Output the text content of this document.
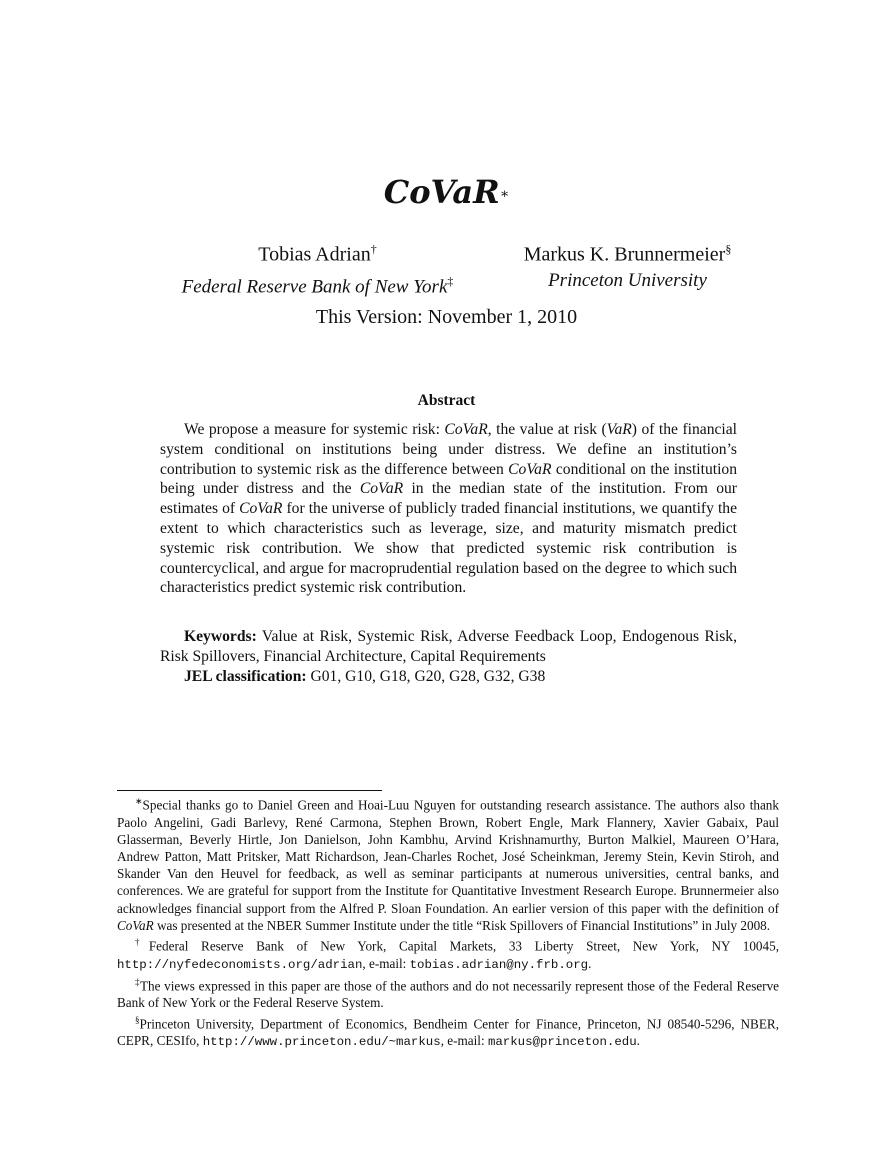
CoVaR∗
Tobias Adrian†
Federal Reserve Bank of New York‡
Markus K. Brunnermeier§
Princeton University
This Version: November 1, 2010
Abstract
We propose a measure for systemic risk: CoVaR, the value at risk (VaR) of the financial system conditional on institutions being under distress. We define an institution’s contribution to systemic risk as the difference between CoVaR conditional on the institution being under distress and the CoVaR in the median state of the institution. From our estimates of CoVaR for the universe of publicly traded financial institutions, we quantify the extent to which characteristics such as leverage, size, and maturity mismatch predict systemic risk contribution. We show that predicted systemic risk contribution is countercyclical, and argue for macroprudential regulation based on the degree to which such characteristics predict systemic risk contribution.
Keywords: Value at Risk, Systemic Risk, Adverse Feedback Loop, Endogenous Risk, Risk Spillovers, Financial Architecture, Capital Requirements
JEL classification: G01, G10, G18, G20, G28, G32, G38

∗Special thanks go to Daniel Green and Hoai-Luu Nguyen for outstanding research assistance. The authors also thank Paolo Angelini, Gadi Barlevy, René Carmona, Stephen Brown, Robert Engle, Mark Flannery, Xavier Gabaix, Paul Glasserman, Beverly Hirtle, Jon Danielson, John Kambhu, Arvind Krishnamurthy, Burton Malkiel, Maureen O’Hara, Andrew Patton, Matt Pritsker, Matt Richardson, Jean-Charles Rochet, José Scheinkman, Jeremy Stein, Kevin Stiroh, and Skander Van den Heuvel for feedback, as well as seminar participants at numerous universities, central banks, and conferences. We are grateful for support from the Institute for Quantitative Investment Research Europe. Brunnermeier also acknowledges financial support from the Alfred P. Sloan Foundation. An earlier version of this paper with the definition of CoVaR was presented at the NBER Summer Institute under the title “Risk Spillovers of Financial Institutions” in July 2008.

†Federal Reserve Bank of New York, Capital Markets, 33 Liberty Street, New York, NY 10045, http://nyfedeconomists.org/adrian, e-mail: tobias.adrian@ny.frb.org.

‡The views expressed in this paper are those of the authors and do not necessarily represent those of the Federal Reserve Bank of New York or the Federal Reserve System.

§Princeton University, Department of Economics, Bendheim Center for Finance, Princeton, NJ 08540-5296, NBER, CEPR, CESIfo, http://www.princeton.edu/~markus, e-mail: markus@princeton.edu.
